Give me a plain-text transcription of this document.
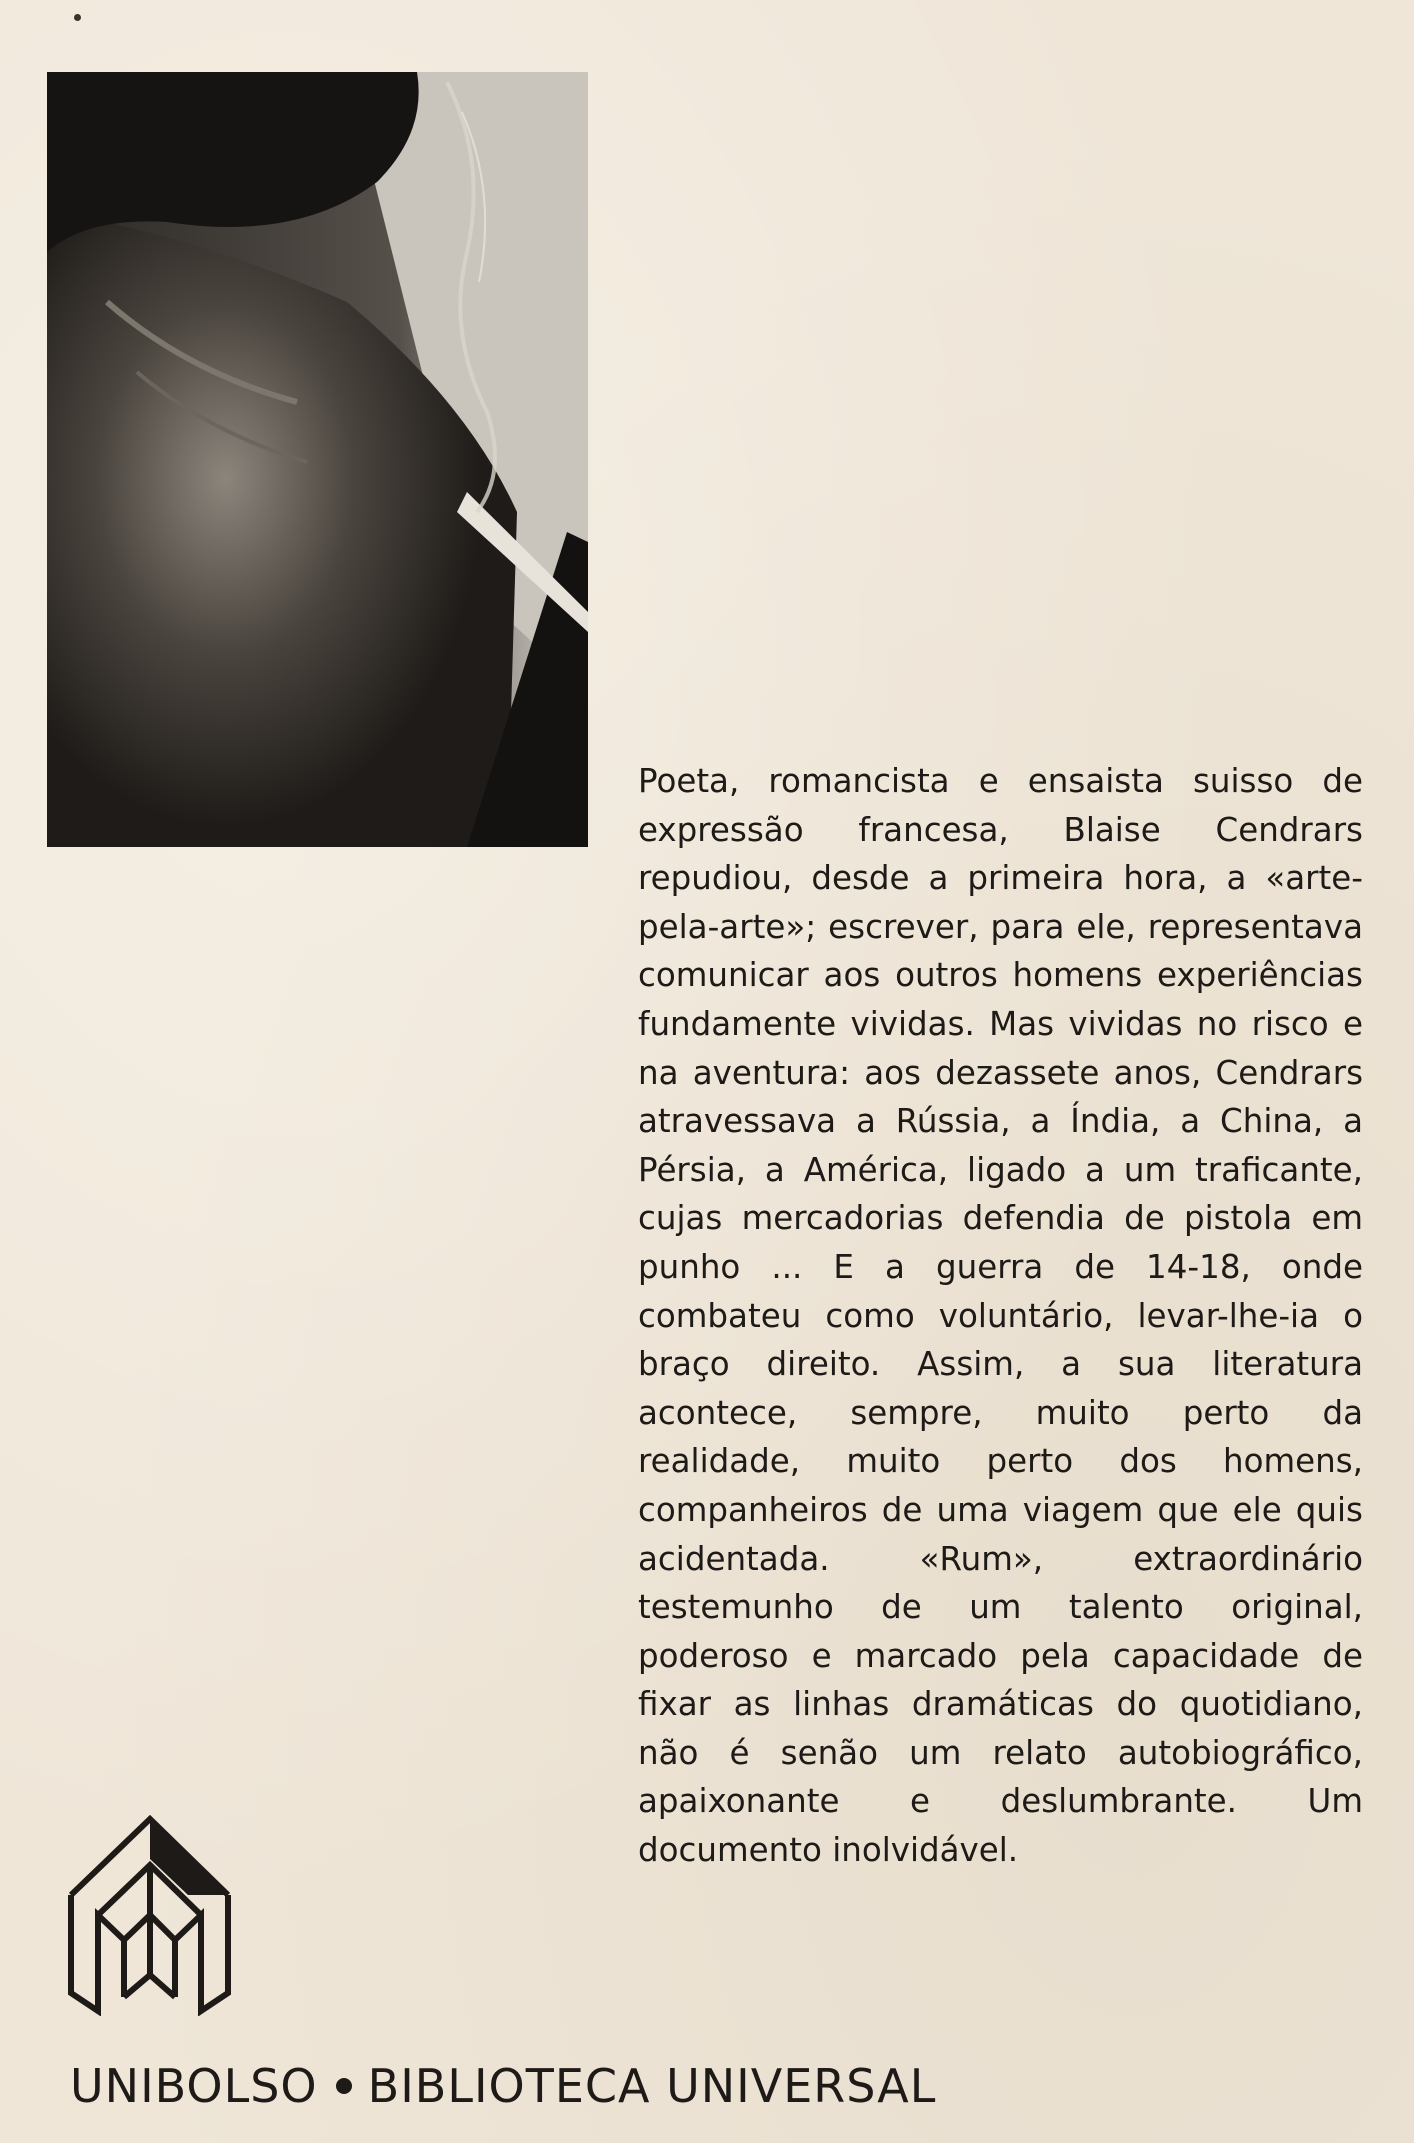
Poeta, romancista e ensaista suisso de expressão francesa, Blaise Cendrars repudiou, desde a primeira hora, a «arte-pela-arte»; escrever, para ele, representava comunicar aos outros homens experiências fundamente vividas. Mas vividas no risco e na aventura: aos dezassete anos, Cendrars atravessava a Rússia, a Índia, a China, a Pérsia, a América, ligado a um traficante, cujas mercadorias defendia de pistola em punho ... E a guerra de 14-18, onde combateu como voluntário, levar-lhe-ia o braço direito. Assim, a sua literatura acontece, sempre, muito perto da realidade, muito perto dos homens, companheiros de uma viagem que ele quis acidentada. «Rum», extraordinário testemunho de um talento original, poderoso e marcado pela capacidade de fixar as linhas dramáticas do quotidiano, não é senão um relato autobiográfico, apaixonante e deslumbrante. Um documento inolvidável.

UNIBOLSO BIBLIOTECA UNIVERSAL
